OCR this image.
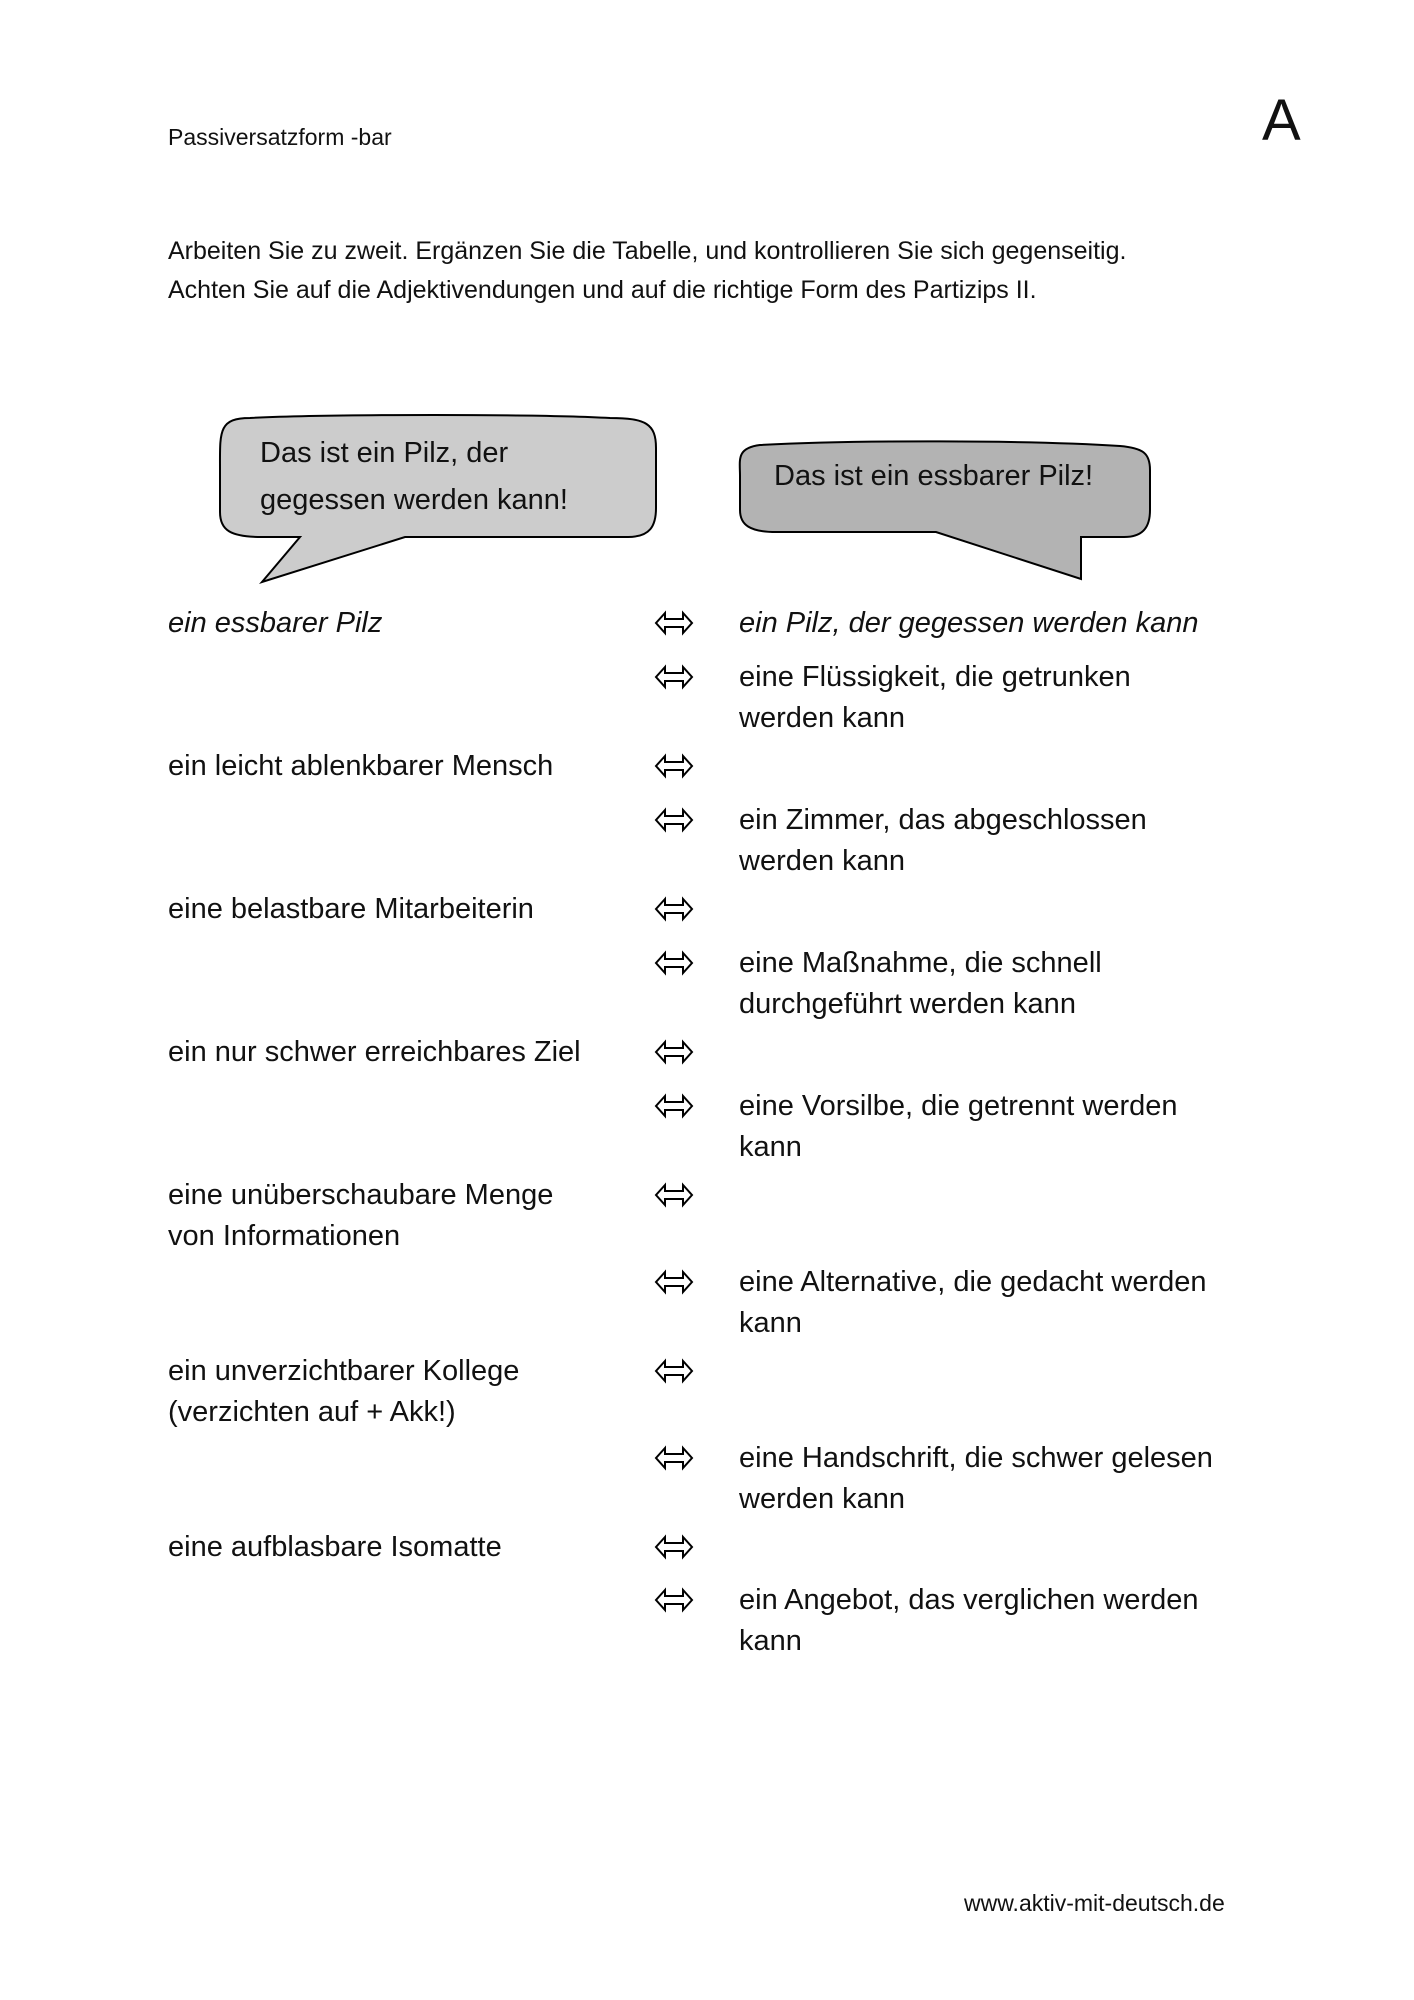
Passiversatzform -bar	A
Arbeiten Sie zu zweit. Ergänzen Sie die Tabelle, und kontrollieren Sie sich gegenseitig.
Achten Sie auf die Adjektivendungen und auf die richtige Form des Partizips II.
Das ist ein Pilz, der
gegessen werden kann!
Das ist ein essbarer Pilz!
ein essbarer Pilz	ein Pilz, der gegessen werden kann
eine Flüssigkeit, die getrunken
werden kann
ein leicht ablenkbarer Mensch
ein Zimmer, das abgeschlossen
werden kann
eine belastbare Mitarbeiterin
eine Maßnahme, die schnell
durchgeführt werden kann
ein nur schwer erreichbares Ziel
eine Vorsilbe, die getrennt werden
kann
eine unüberschaubare Menge
von Informationen
eine Alternative, die gedacht werden
kann
ein unverzichtbarer Kollege
(verzichten auf + Akk!)
eine Handschrift, die schwer gelesen
werden kann
eine aufblasbare Isomatte
ein Angebot, das verglichen werden
kann
www.aktiv-mit-deutsch.de
